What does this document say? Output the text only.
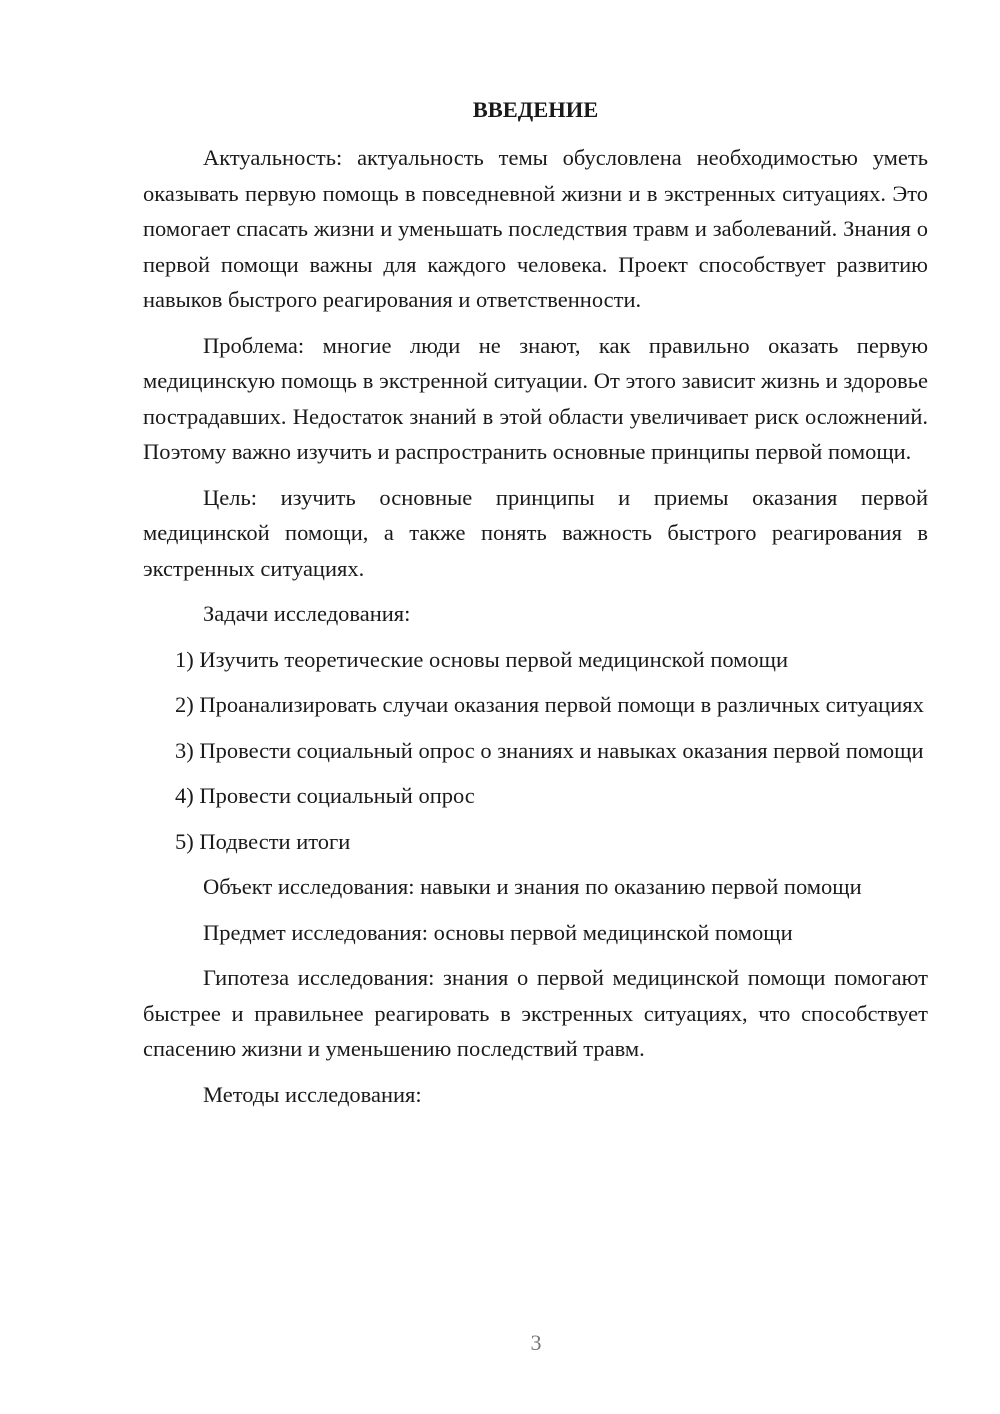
ВВЕДЕНИЕ

Актуальность: актуальность темы обусловлена необходимостью уметь оказывать первую помощь в повседневной жизни и в экстренных ситуациях. Это помогает спасать жизни и уменьшать последствия травм и заболеваний. Знания о первой помощи важны для каждого человека. Проект способствует развитию навыков быстрого реагирования и ответственности.

Проблема: многие люди не знают, как правильно оказать первую медицинскую помощь в экстренной ситуации. От этого зависит жизнь и здоровье пострадавших. Недостаток знаний в этой области увеличивает риск осложнений. Поэтому важно изучить и распространить основные принципы первой помощи.

Цель: изучить основные принципы и приемы оказания первой медицинской помощи, а также понять важность быстрого реагирования в экстренных ситуациях.

Задачи исследования:

1) Изучить теоретические основы первой медицинской помощи

2) Проанализировать случаи оказания первой помощи в различных ситуациях

3) Провести социальный опрос о знаниях и навыках оказания первой помощи

4) Провести социальный опрос

5) Подвести итоги

Объект исследования: навыки и знания по оказанию первой помощи

Предмет исследования: основы первой медицинской помощи

Гипотеза исследования: знания о первой медицинской помощи помогают быстрее и правильнее реагировать в экстренных ситуациях, что способствует спасению жизни и уменьшению последствий травм.

Методы исследования:

3
